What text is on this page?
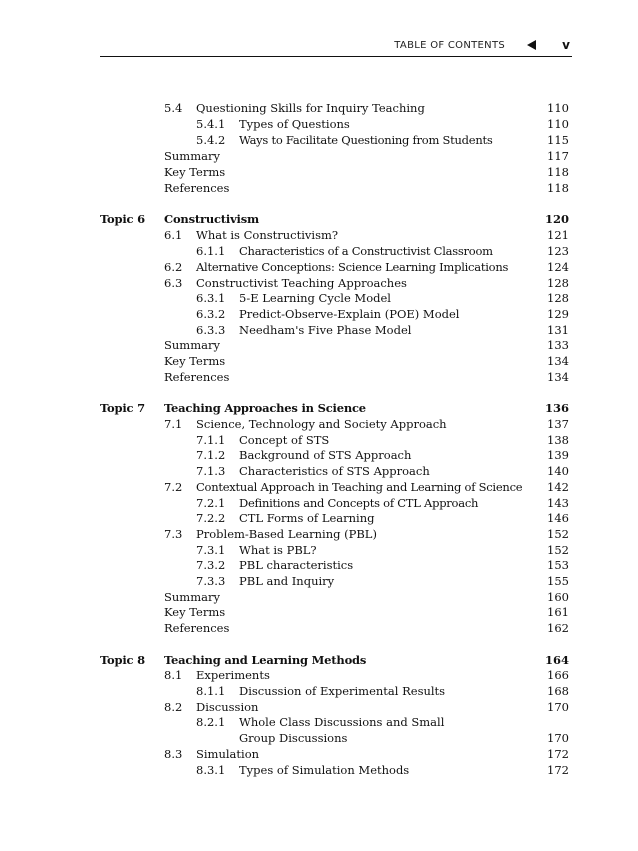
TABLE OF CONTENTS	v
5.4 Questioning Skills for Inquiry Teaching	110
5.4.1 Types of Questions	110
5.4.2 Ways to Facilitate Questioning from Students	115
Summary	117
Key Terms	118
References	118
Topic 6 Constructivism	120
6.1 What is Constructivism?	121
6.1.1 Characteristics of a Constructivist Classroom	123
6.2 Alternative Conceptions: Science Learning Implications	124
6.3 Constructivist Teaching Approaches	128
6.3.1 5-E Learning Cycle Model	128
6.3.2 Predict-Observe-Explain (POE) Model	129
6.3.3 Needham's Five Phase Model	131
Summary	133
Key Terms	134
References	134
Topic 7 Teaching Approaches in Science	136
7.1 Science, Technology and Society Approach	137
7.1.1 Concept of STS	138
7.1.2 Background of STS Approach	139
7.1.3 Characteristics of STS Approach	140
7.2 Contextual Approach in Teaching and Learning of Science 142
7.2.1 Definitions and Concepts of CTL Approach	143
7.2.2 CTL Forms of Learning	146
7.3 Problem-Based Learning (PBL)	152
7.3.1 What is PBL?	152
7.3.2 PBL characteristics	153
7.3.3 PBL and Inquiry	155
Summary	160
Key Terms	161
References	162
Topic 8 Teaching and Learning Methods	164
8.1 Experiments	166
8.1.1 Discussion of Experimental Results	168
8.2 Discussion	170
8.2.1 Whole Class Discussions and Small
Group Discussions	170
8.3 Simulation	172
8.3.1 Types of Simulation Methods	172
